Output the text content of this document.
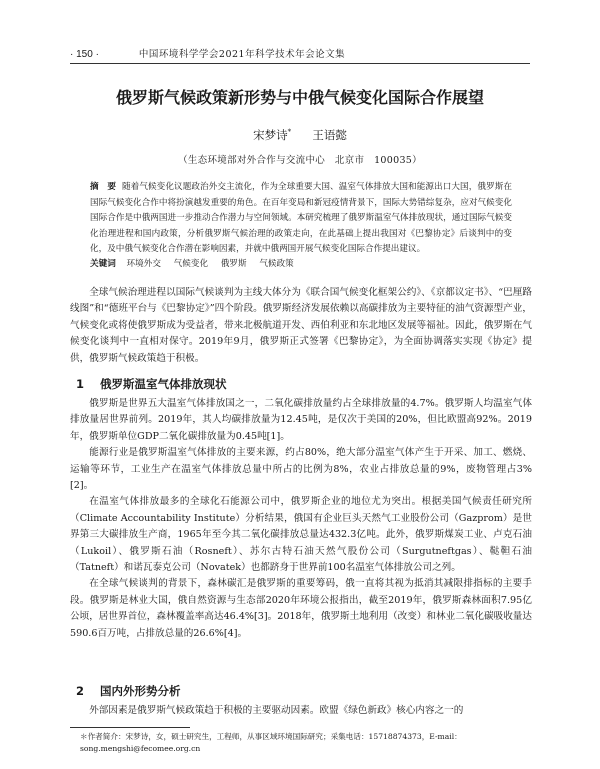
· 150 ·	中国环境科学学会2021年科学技术年会论文集
俄罗斯气候政策新形势与中俄气候变化国际合作展望
宋梦诗* 王语懿
（生态环境部对外合作与交流中心　北京市　100035）
摘　要 随着气候变化议题政治外交主流化，作为全球重要大国、温室气体排放大国和能源出口大国，俄罗斯在国际气候变化合作中将扮演越发重要的角色。在百年变局和新冠疫情背景下，国际大势错综复杂，应对气候变化国际合作是中俄两国进一步推动合作潜力与空间领域。本研究梳理了俄罗斯温室气体排放现状，通过国际气候变化治理进程和国内政策，分析俄罗斯气候治理的政策走向，在此基础上提出我国对《巴黎协定》后谈判中的变化，及中俄气候变化合作潜在影响因素，并就中俄两国开展气候变化国际合作提出建议。
关键词 环境外交 气候变化 俄罗斯 气候政策

全球气候治理进程以国际气候谈判为主线大体分为《联合国气候变化框架公约》、《京都议定书》、“巴厘路线图”和“德班平台与《巴黎协定》”四个阶段。俄罗斯经济发展依赖以高碳排放为主要特征的油气资源型产业，气候变化或将使俄罗斯成为受益者，带来北极航道开发、西伯利亚和东北地区发展等福祉。因此，俄罗斯在气候变化谈判中一直相对保守。2019年9月，俄罗斯正式签署《巴黎协定》，为全面协调落实实现《协定》提供，俄罗斯气候政策趋于积极。

1 俄罗斯温室气体排放现状

俄罗斯是世界五大温室气体排放国之一，二氧化碳排放量约占全球排放量的4.7%。俄罗斯人均温室气体排放量居世界前列。2019年，其人均碳排放量为12.45吨，是仅次于美国的20%，但比欧盟高92%。2019年，俄罗斯单位GDP二氧化碳排放量为0.45吨[1]。

能源行业是俄罗斯温室气体排放的主要来源，约占80%，绝大部分温室气体产生于开采、加工、燃烧、运输等环节，工业生产在温室气体排放总量中所占的比例为8%，农业占排放总量的9%，废物管理占3%[2]。

在温室气体排放最多的全球化石能源公司中，俄罗斯企业的地位尤为突出。根据美国气候责任研究所（Climate Accountability Institute）分析结果，俄国有企业巨头天然气工业股份公司（Gazprom）是世界第三大碳排放生产商，1965年至今其二氧化碳排放总量达432.3亿吨。此外，俄罗斯煤炭工业、卢克石油（Lukoil）、俄罗斯石油（Rosneft）、苏尔古特石油天然气股份公司（Surgutneftgas）、鞑靼石油（Tatneft）和诺瓦泰克公司（Novatek）也都跻身于世界前100名温室气体排放公司之列。

在全球气候谈判的背景下，森林碳汇是俄罗斯的重要筹码，俄一直将其视为抵消其减限排指标的主要手段。俄罗斯是林业大国，俄自然资源与生态部2020年环境公报指出，截至2019年，俄罗斯森林面积7.95亿公顷，居世界首位，森林覆盖率高达46.4%[3]。2018年，俄罗斯土地利用（改变）和林业二氧化碳吸收量达590.6百万吨，占排放总量的26.6%[4]。

2 国内外形势分析

外部因素是俄罗斯气候政策趋于积极的主要驱动因素。欧盟《绿色新政》核心内容之一的

＊作者简介：宋梦诗，女，硕士研究生，工程师，从事区域环境国际研究；采集电话：15718874373，E-mail：song.mengshi@fecomee.org.cn
